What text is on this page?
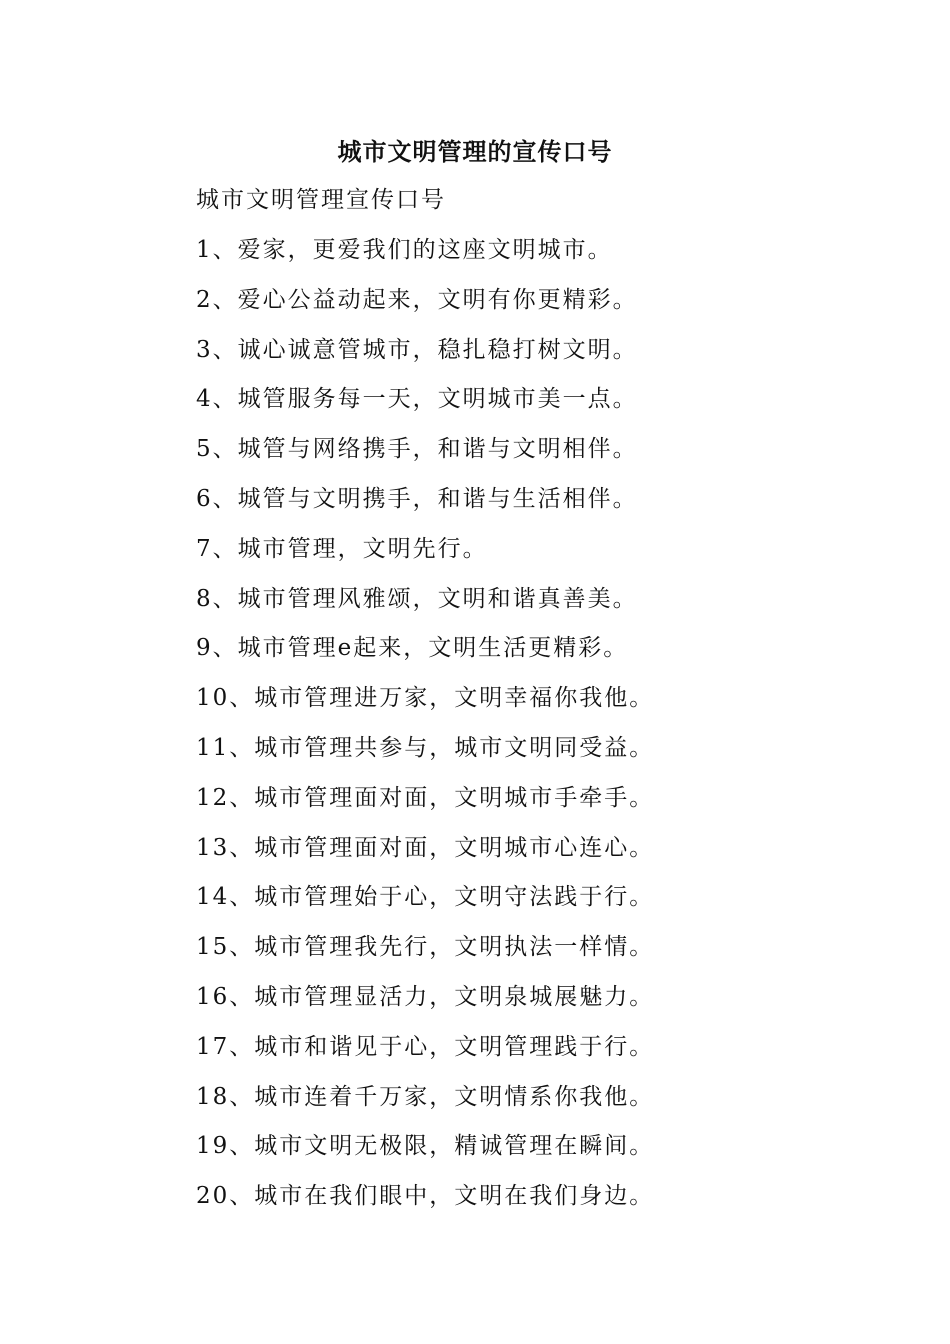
城市文明管理的宣传口号
城市文明管理宣传口号
1、爱家，更爱我们的这座文明城市。
2、爱心公益动起来，文明有你更精彩。
3、诚心诚意管城市，稳扎稳打树文明。
4、城管服务每一天，文明城市美一点。
5、城管与网络携手，和谐与文明相伴。
6、城管与文明携手，和谐与生活相伴。
7、城市管理，文明先行。
8、城市管理风雅颂，文明和谐真善美。
9、城市管理e起来，文明生活更精彩。
10、城市管理进万家，文明幸福你我他。
11、城市管理共参与，城市文明同受益。
12、城市管理面对面，文明城市手牵手。
13、城市管理面对面，文明城市心连心。
14、城市管理始于心，文明守法践于行。
15、城市管理我先行，文明执法一样情。
16、城市管理显活力，文明泉城展魅力。
17、城市和谐见于心，文明管理践于行。
18、城市连着千万家，文明情系你我他。
19、城市文明无极限，精诚管理在瞬间。
20、城市在我们眼中，文明在我们身边。
